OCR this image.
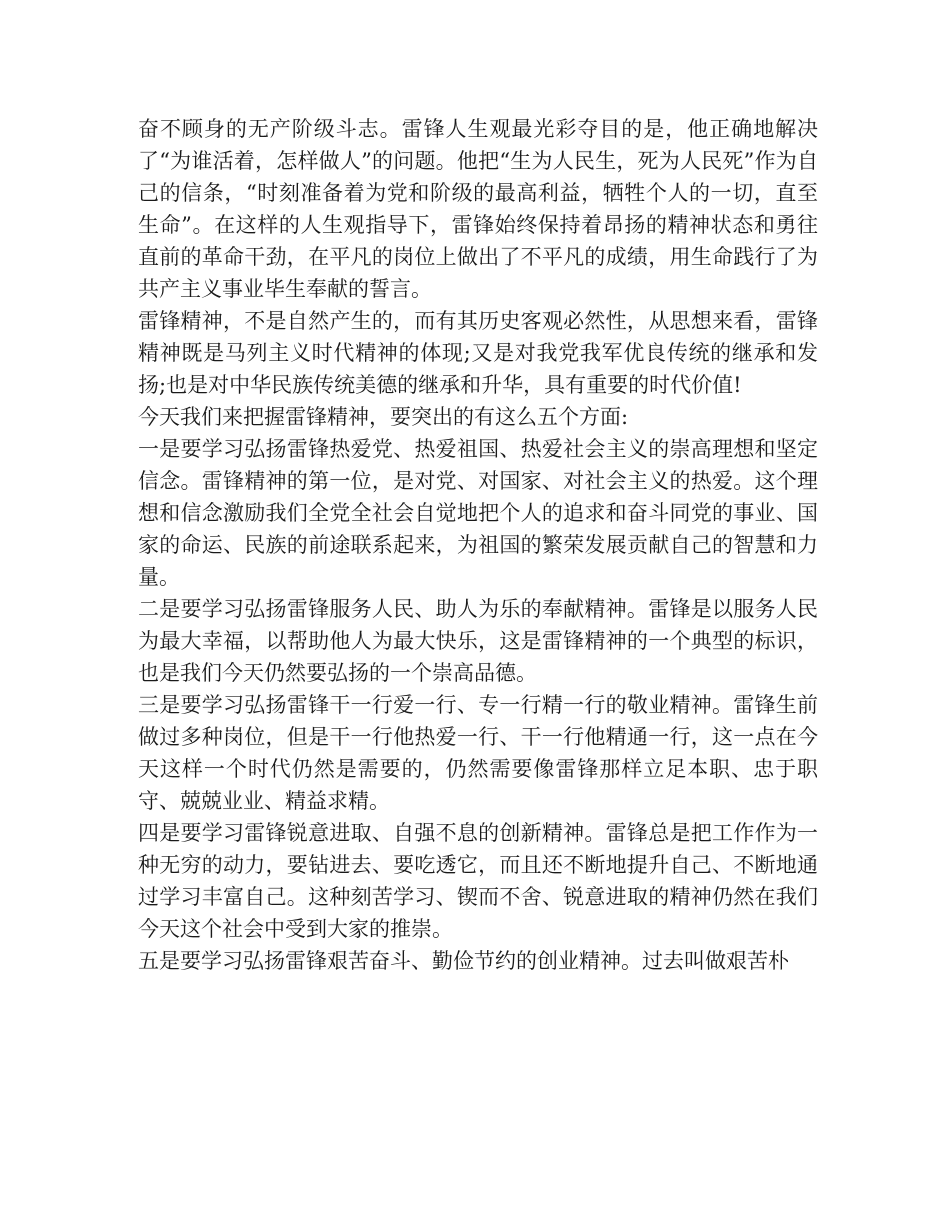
奋不顾身的无产阶级斗志。雷锋人生观最光彩夺目的是，他正确地解决了“为谁活着，怎样做人”的问题。他把“生为人民生，死为人民死”作为自己的信条，“时刻准备着为党和阶级的最高利益，牺牲个人的一切，直至生命”。在这样的人生观指导下，雷锋始终保持着昂扬的精神状态和勇往直前的革命干劲，在平凡的岗位上做出了不平凡的成绩，用生命践行了为共产主义事业毕生奉献的誓言。

雷锋精神，不是自然产生的，而有其历史客观必然性，从思想来看，雷锋精神既是马列主义时代精神的体现;又是对我党我军优良传统的继承和发扬;也是对中华民族传统美德的继承和升华，具有重要的时代价值!

今天我们来把握雷锋精神，要突出的有这么五个方面:

一是要学习弘扬雷锋热爱党、热爱祖国、热爱社会主义的崇高理想和坚定信念。雷锋精神的第一位，是对党、对国家、对社会主义的热爱。这个理想和信念激励我们全党全社会自觉地把个人的追求和奋斗同党的事业、国家的命运、民族的前途联系起来，为祖国的繁荣发展贡献自己的智慧和力量。

二是要学习弘扬雷锋服务人民、助人为乐的奉献精神。雷锋是以服务人民为最大幸福，以帮助他人为最大快乐，这是雷锋精神的一个典型的标识，也是我们今天仍然要弘扬的一个崇高品德。

三是要学习弘扬雷锋干一行爱一行、专一行精一行的敬业精神。雷锋生前做过多种岗位，但是干一行他热爱一行、干一行他精通一行，这一点在今天这样一个时代仍然是需要的，仍然需要像雷锋那样立足本职、忠于职守、兢兢业业、精益求精。

四是要学习雷锋锐意进取、自强不息的创新精神。雷锋总是把工作作为一种无穷的动力，要钻进去、要吃透它，而且还不断地提升自己、不断地通过学习丰富自己。这种刻苦学习、锲而不舍、锐意进取的精神仍然在我们今天这个社会中受到大家的推崇。

五是要学习弘扬雷锋艰苦奋斗、勤俭节约的创业精神。过去叫做艰苦朴
